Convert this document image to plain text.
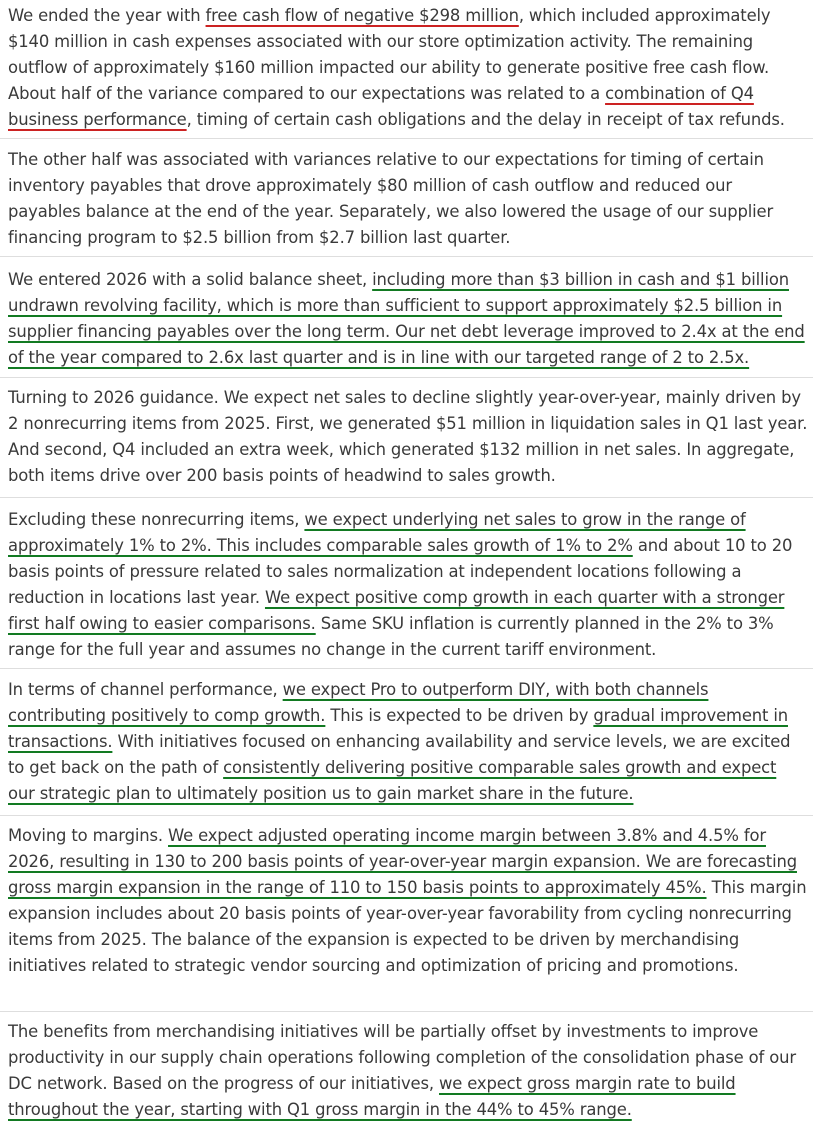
We ended the year with free cash flow of negative $298 million, which included approximately $140 million in cash expenses associated with our store optimization activity. The remaining outflow of approximately $160 million impacted our ability to generate positive free cash flow. About half of the variance compared to our expectations was related to a combination of Q4 business performance, timing of certain cash obligations and the delay in receipt of tax refunds.

The other half was associated with variances relative to our expectations for timing of certain inventory payables that drove approximately $80 million of cash outflow and reduced our payables balance at the end of the year. Separately, we also lowered the usage of our supplier financing program to $2.5 billion from $2.7 billion last quarter.

We entered 2026 with a solid balance sheet, including more than $3 billion in cash and $1 billion undrawn revolving facility, which is more than sufficient to support approximately $2.5 billion in supplier financing payables over the long term. Our net debt leverage improved to 2.4x at the end of the year compared to 2.6x last quarter and is in line with our targeted range of 2 to 2.5x.

Turning to 2026 guidance. We expect net sales to decline slightly year-over-year, mainly driven by 2 nonrecurring items from 2025. First, we generated $51 million in liquidation sales in Q1 last year. And second, Q4 included an extra week, which generated $132 million in net sales. In aggregate, both items drive over 200 basis points of headwind to sales growth.

Excluding these nonrecurring items, we expect underlying net sales to grow in the range of approximately 1% to 2%. This includes comparable sales growth of 1% to 2% and about 10 to 20 basis points of pressure related to sales normalization at independent locations following a reduction in locations last year. We expect positive comp growth in each quarter with a stronger first half owing to easier comparisons. Same SKU inflation is currently planned in the 2% to 3% range for the full year and assumes no change in the current tariff environment.

In terms of channel performance, we expect Pro to outperform DIY, with both channels contributing positively to comp growth. This is expected to be driven by gradual improvement in transactions. With initiatives focused on enhancing availability and service levels, we are excited to get back on the path of consistently delivering positive comparable sales growth and expect our strategic plan to ultimately position us to gain market share in the future.

Moving to margins. We expect adjusted operating income margin between 3.8% and 4.5% for 2026, resulting in 130 to 200 basis points of year-over-year margin expansion. We are forecasting gross margin expansion in the range of 110 to 150 basis points to approximately 45%. This margin expansion includes about 20 basis points of year-over-year favorability from cycling nonrecurring items from 2025. The balance of the expansion is expected to be driven by merchandising initiatives related to strategic vendor sourcing and optimization of pricing and promotions.

The benefits from merchandising initiatives will be partially offset by investments to improve productivity in our supply chain operations following completion of the consolidation phase of our DC network. Based on the progress of our initiatives, we expect gross margin rate to build throughout the year, starting with Q1 gross margin in the 44% to 45% range.
